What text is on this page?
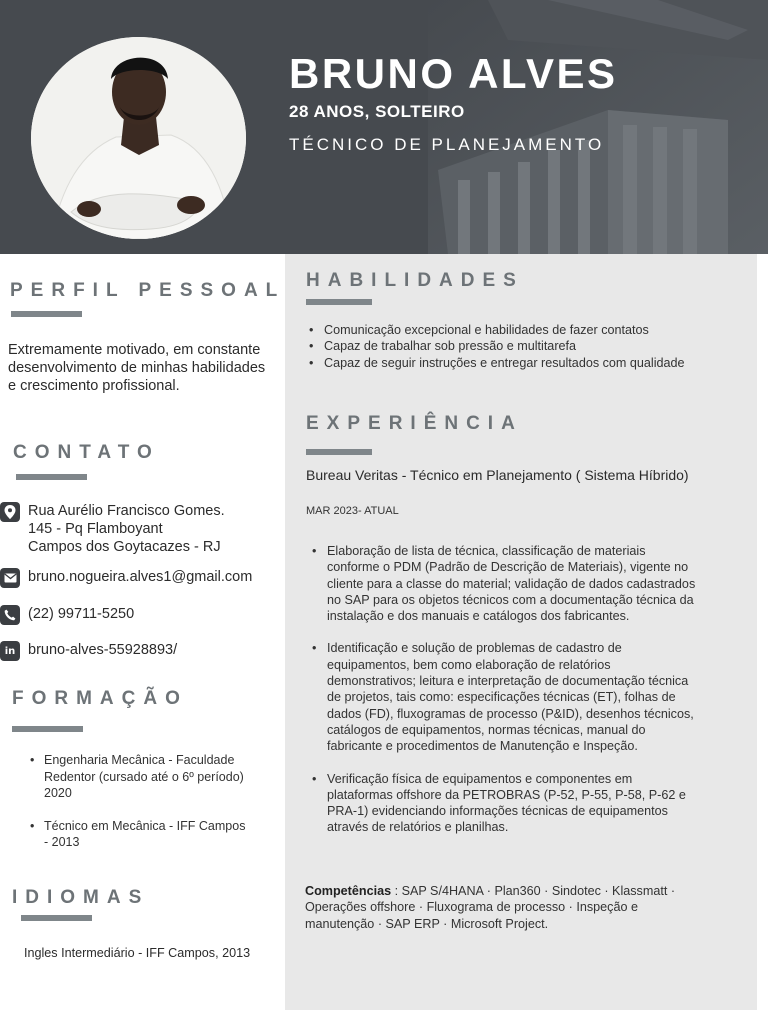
BRUNO ALVES
28 ANOS, SOLTEIRO
TÉCNICO DE PLANEJAMENTO
PERFIL PESSOAL
Extremamente motivado, em constante desenvolvimento de minhas habilidades e crescimento profissional.
CONTATO
Rua Aurélio Francisco Gomes.
145 - Pq Flamboyant
Campos dos Goytacazes - RJ
bruno.nogueira.alves1@gmail.com
(22) 99711-5250
in bruno-alves-55928893/
FORMAÇÃO
• Engenharia Mecânica - Faculdade Redentor (cursado até o 6º período) 2020
• Técnico em Mecânica - IFF Campos - 2013
IDIOMAS
Ingles Intermediário - IFF Campos, 2013
HABILIDADES
• Comunicação excepcional e habilidades de fazer contatos
• Capaz de trabalhar sob pressão e multitarefa
• Capaz de seguir instruções e entregar resultados com qualidade
EXPERIÊNCIA
Bureau Veritas - Técnico em Planejamento ( Sistema Híbrido)
MAR 2023- ATUAL
• Elaboração de lista de técnica, classificação de materiais conforme o PDM (Padrão de Descrição de Materiais), vigente no cliente para a classe do material; validação de dados cadastrados no SAP para os objetos técnicos com a documentação técnica da instalação e dos manuais e catálogos dos fabricantes.
• Identificação e solução de problemas de cadastro de equipamentos, bem como elaboração de relatórios demonstrativos; leitura e interpretação de documentação técnica de projetos, tais como: especificações técnicas (ET), folhas de dados (FD), fluxogramas de processo (P&ID), desenhos técnicos, catálogos de equipamentos, normas técnicas, manual do fabricante e procedimentos de Manutenção e Inspeção.
• Verificação física de equipamentos e componentes em plataformas offshore da PETROBRAS (P-52, P-55, P-58, P-62 e PRA-1) evidenciando informações técnicas de equipamentos através de relatórios e planilhas.
Competências : SAP S/4HANA · Plan360 · Sindotec · Klassmatt · Operações offshore · Fluxograma de processo · Inspeção e manutenção · SAP ERP · Microsoft Project.
